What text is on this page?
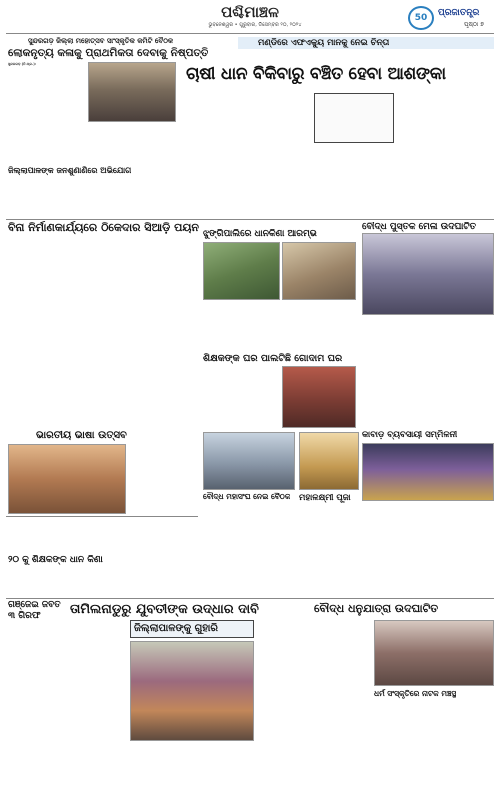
ପଶ୍ଚିମାଞ୍ଚଳ
ଭୁବନେଶ୍ୱର • ଗୁରୁବାର, ଡିସେମ୍ବର ୨୦, ୨୦୨୪
50	ପ୍ରଜାତନ୍ତ୍ର
ପୃଷ୍ଠା ୭
ସୁନ୍ଦରଗଡ଼ ଜିଲ୍ଲା ମହୋତ୍ସବ ସାଂସ୍କୃତିକ କମିଟି ବୈଠକ
ଲୋକନୃତ୍ୟ କଳାକୁ ପ୍ରାଥମିକତା ଦେବାକୁ ନିଷ୍ପତ୍ତି
ସୁନ୍ଦରଗଡ଼ (ନି.ପ୍ର.):
ମଣ୍ଡିରେ ଏଫଏକ୍ୟୁ ମାନକୁ ନେଇ ଚିନ୍ତା
ଚାଷୀ ଧାନ ବିକିବାରୁ ବଞ୍ଚିତ ହେବା ଆଶଙ୍କା
ଜିଲ୍ଲାପାଳଙ୍କ ଜନଶୁଣାଣିରେ ଅଭିଯୋଗ
ବିନା ନିର୍ମାଣକାର୍ଯ୍ୟରେ ଠିକେଦାର ସିଆଡ଼ି ପୟନ ଝୁଙ୍ଗିପାଲିରେ ଧାନକିଣା ଆରମ୍ଭ
ବୌଦ୍ଧ ପୁସ୍ତକ ମେଳା ଉଦଘାଟିତ
ଶିକ୍ଷକଙ୍କ ଘର ପାଲଟିଛି ଗୋଦାମ ଘର
ଭାରତୀୟ ଭାଷା ଉତ୍ସବ
ବୌଦ୍ଧ ମହାସଂଘ ନେଇ ବୈଠକ ମହାଳକ୍ଷ୍ମୀ ପୂଜା
କାବାଡ଼ ବ୍ୟବସାୟୀ ସମ୍ମିଳନୀ
୨୦ କୁ ଶିକ୍ଷକଙ୍କ ଧାନ କିଣା
ଗଞ୍ଜେଇ ଜବତ ୩ ଗିରଫ	ତାମିଲନାଡୁରୁ ଯୁବତୀଙ୍କ ଉଦ୍ଧାର ଦାବି
ଜିଲ୍ଲାପାଳଙ୍କୁ ଗୁହାରି
ବୌଦ୍ଧ ଧନୁଯାତ୍ରା ଉଦଘାଟିତ
ଧର୍ମ ସଂସ୍କୃତିରେ ନାଟକ ମଞ୍ଚସ୍ଥ
